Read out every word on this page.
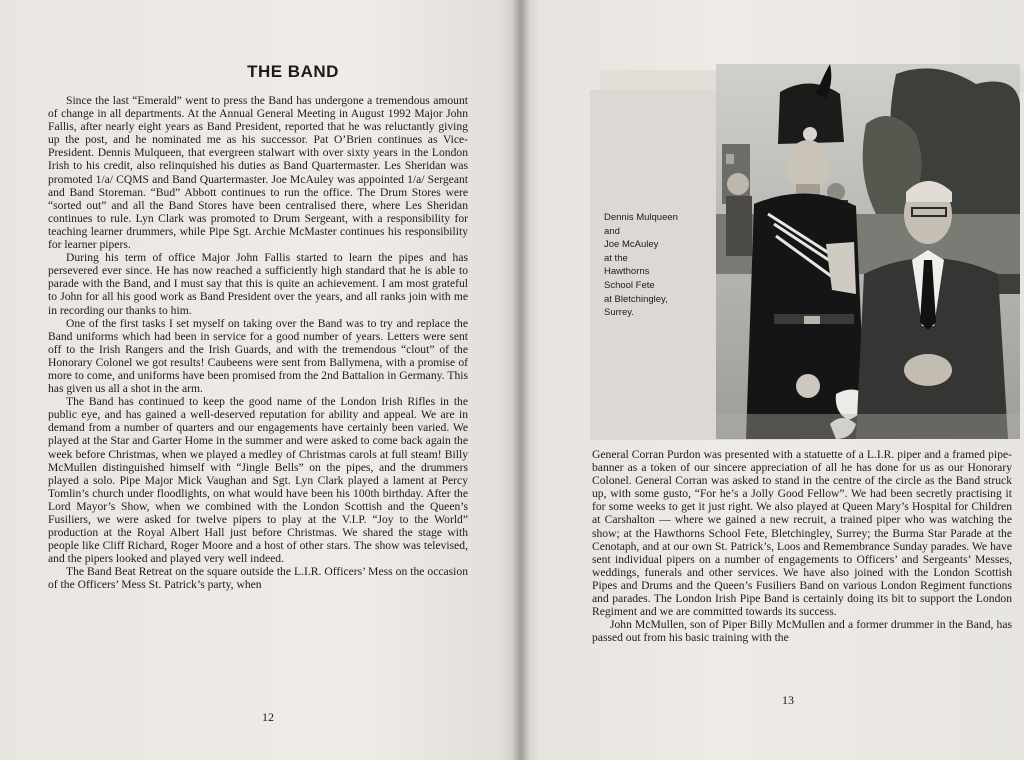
THE BAND

Since the last “Emerald” went to press the Band has undergone a tremendous amount of change in all departments. At the Annual General Meeting in August 1992 Major John Fallis, after nearly eight years as Band President, reported that he was reluctantly giving up the post, and he nominated me as his successor. Pat O’Brien continues as Vice-President. Dennis Mulqueen, that evergreen stalwart with over sixty years in the London Irish to his credit, also relinquished his duties as Band Quartermaster. Les Sheridan was promoted 1/a/ CQMS and Band Quartermaster. Joe McAuley was appointed 1/a/ Sergeant and Band Storeman. “Bud” Abbott continues to run the office. The Drum Stores were “sorted out” and all the Band Stores have been centralised there, where Les Sheridan continues to rule. Lyn Clark was promoted to Drum Sergeant, with a responsibility for teaching learner drummers, while Pipe Sgt. Archie McMaster continues his responsibility for learner pipers.

During his term of office Major John Fallis started to learn the pipes and has persevered ever since. He has now reached a sufficiently high standard that he is able to parade with the Band, and I must say that this is quite an achievement. I am most grateful to John for all his good work as Band President over the years, and all ranks join with me in recording our thanks to him.

One of the first tasks I set myself on taking over the Band was to try and replace the Band uniforms which had been in service for a good number of years. Letters were sent off to the Irish Rangers and the Irish Guards, and with the tremendous “clout” of the Honorary Colonel we got results! Caubeens were sent from Ballymena, with a promise of more to come, and uniforms have been promised from the 2nd Battalion in Germany. This has given us all a shot in the arm.

The Band has continued to keep the good name of the London Irish Rifles in the public eye, and has gained a well-deserved reputation for ability and appeal. We are in demand from a number of quarters and our engagements have certainly been varied. We played at the Star and Garter Home in the summer and were asked to come back again the week before Christmas, when we played a medley of Christmas carols at full steam! Billy McMullen distinguished himself with “Jingle Bells” on the pipes, and the drummers played a solo. Pipe Major Mick Vaughan and Sgt. Lyn Clark played a lament at Percy Tomlin’s church under floodlights, on what would have been his 100th birthday. After the Lord Mayor’s Show, when we combined with the London Scottish and the Queen’s Fusiliers, we were asked for twelve pipers to play at the V.I.P. “Joy to the World” production at the Royal Albert Hall just before Christmas. We shared the stage with people like Cliff Richard, Roger Moore and a host of other stars. The show was televised, and the pipers looked and played very well indeed.

The Band Beat Retreat on the square outside the L.I.R. Officers’ Mess on the occasion of the Officers’ Mess St. Patrick’s party, when

12
Dennis Mulqueen
and
Joe McAuley
at the
Hawthorns
School Fete
at Bletchingley,
Surrey.

General Corran Purdon was presented with a statuette of a L.I.R. piper and a framed pipe-banner as a token of our sincere appreciation of all he has done for us as our Honorary Colonel. General Corran was asked to stand in the centre of the circle as the Band struck up, with some gusto, “For he’s a Jolly Good Fellow”. We had been secretly practising it for some weeks to get it just right. We also played at Queen Mary’s Hospital for Children at Carshalton — where we gained a new recruit, a trained piper who was watching the show; at the Hawthorns School Fete, Bletchingley, Surrey; the Burma Star Parade at the Cenotaph, and at our own St. Patrick’s, Loos and Remembrance Sunday parades. We have sent individual pipers on a number of engagements to Officers’ and Sergeants’ Messes, weddings, funerals and other services. We have also joined with the London Scottish Pipes and Drums and the Queen’s Fusiliers Band on various London Regiment functions and parades. The London Irish Pipe Band is certainly doing its bit to support the London Regiment and we are committed towards its success.

John McMullen, son of Piper Billy McMullen and a former drummer in the Band, has passed out from his basic training with the

13
